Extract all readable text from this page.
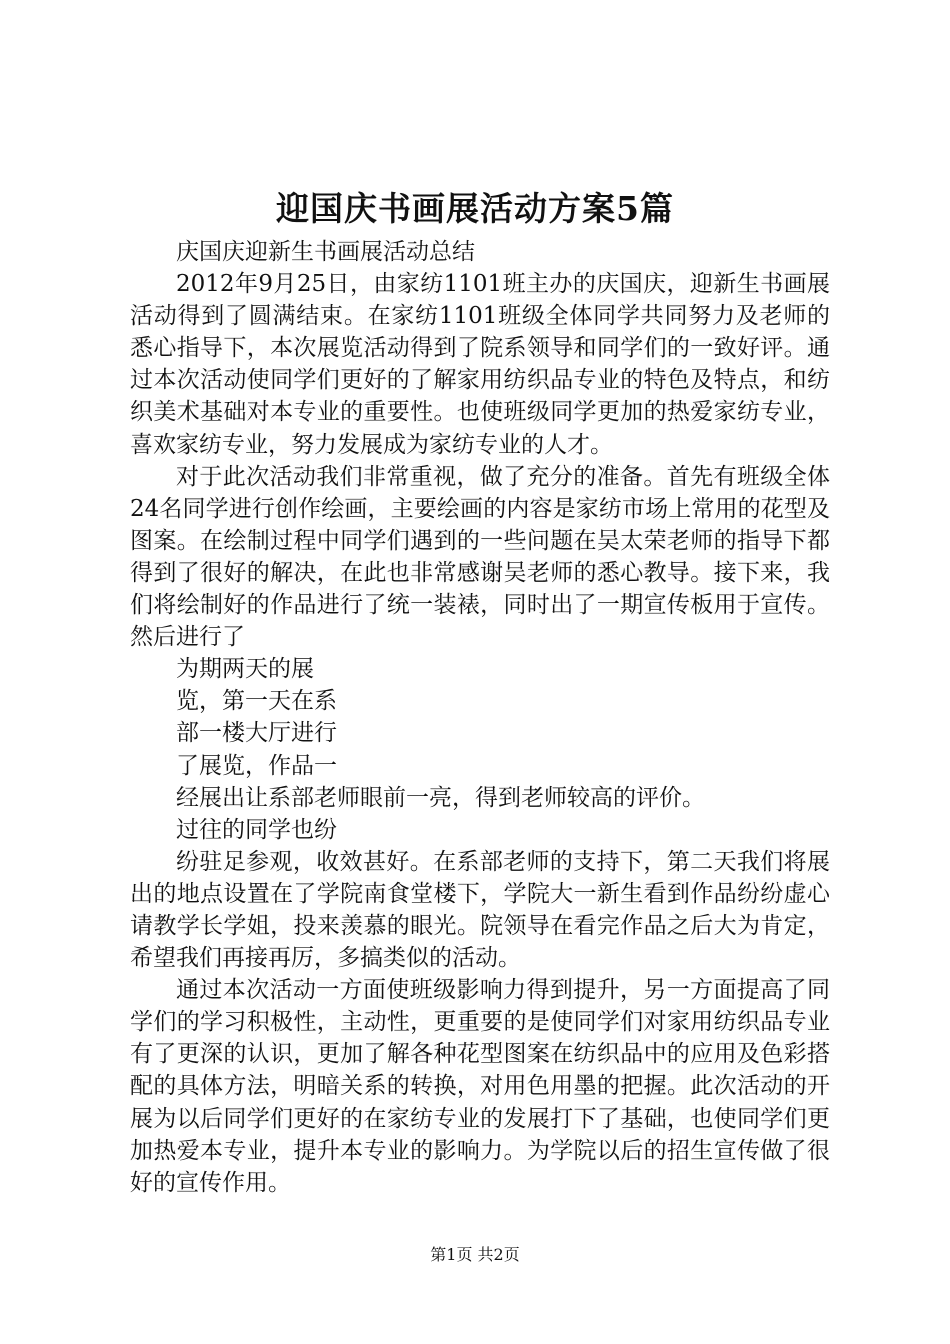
迎国庆书画展活动方案5篇

庆国庆迎新生书画展活动总结

2012年9月25日，由家纺1101班主办的庆国庆，迎新生书画展活动得到了圆满结束。在家纺1101班级全体同学共同努力及老师的悉心指导下，本次展览活动得到了院系领导和同学们的一致好评。通过本次活动使同学们更好的了解家用纺织品专业的特色及特点，和纺织美术基础对本专业的重要性。也使班级同学更加的热爱家纺专业，喜欢家纺专业，努力发展成为家纺专业的人才。

对于此次活动我们非常重视，做了充分的准备。首先有班级全体24名同学进行创作绘画，主要绘画的内容是家纺市场上常用的花型及图案。在绘制过程中同学们遇到的一些问题在吴太荣老师的指导下都得到了很好的解决，在此也非常感谢吴老师的悉心教导。接下来，我们将绘制好的作品进行了统一装裱，同时出了一期宣传板用于宣传。然后进行了

为期两天的展

览，第一天在系

部一楼大厅进行

了展览，作品一

经展出让系部老师眼前一亮，得到老师较高的评价。

过往的同学也纷

纷驻足参观，收效甚好。在系部老师的支持下，第二天我们将展出的地点设置在了学院南食堂楼下，学院大一新生看到作品纷纷虚心请教学长学姐，投来羡慕的眼光。院领导在看完作品之后大为肯定，希望我们再接再厉，多搞类似的活动。

通过本次活动一方面使班级影响力得到提升，另一方面提高了同学们的学习积极性，主动性，更重要的是使同学们对家用纺织品专业有了更深的认识，更加了解各种花型图案在纺织品中的应用及色彩搭配的具体方法，明暗关系的转换，对用色用墨的把握。此次活动的开展为以后同学们更好的在家纺专业的发展打下了基础，也使同学们更加热爱本专业，提升本专业的影响力。为学院以后的招生宣传做了很好的宣传作用。

第1页 共2页
